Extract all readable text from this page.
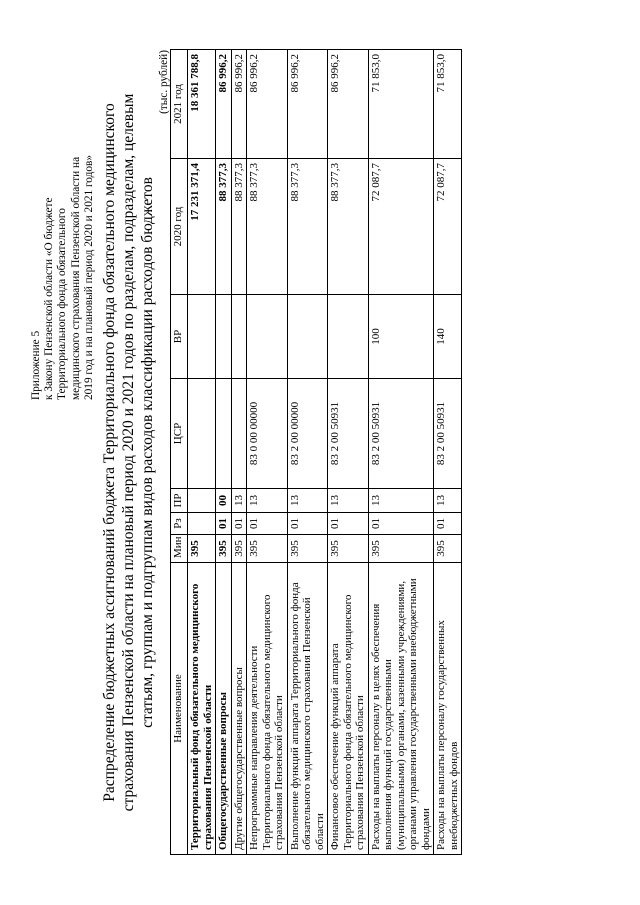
Приложение 5 к Закону Пензенской области «О бюджете Территориального фонда обязательного медицинского страхования Пензенской области на 2019 год и на плановый период 2020 и 2021 годов» Распределение бюджетных ассигнований бюджета Территориального фонда обязательного медицинского страхования Пензенской области на плановый период 2020 и 2021 годов по разделам, подразделам, целевым статьям, группам и подгруппам видов расходов классификации расходов бюджетов
(тыс. рублей)
Наименование	Мин	Рз	ПР	ЦСР	ВР	2020 год	2021 год
Территориальный фонд обязательного медицинского страхования Пензенской области	395					17 231 371,4	18 361 788,8
Общегосударственные вопросы	395	01	00			88 377,3	86 996,2
Другие общегосударственные вопросы	395	01	13			88 377,3	86 996,2
Непрограммные направления деятельности Территориального фонда обязательного медицинского страхования Пензенской области	395	01	13	83 0 00 00000		88 377,3	86 996,2
Выполнение функций аппарата Территориального фонда обязательного медицинского страхования Пензенской области	395	01	13	83 2 00 00000		88 377,3	86 996,2
Финансовое обеспечение функций аппарата Территориального фонда обязательного медицинского страхования Пензенской области	395	01	13	83 2 00 50931		88 377,3	86 996,2
Расходы на выплаты персоналу в целях обеспечения выполнения функций государственными (муниципальными) органами, казенными учреждениями, органами управления государственными внебюджетными фондами	395	01	13	83 2 00 50931	100	72 087,7	71 853,0
Расходы на выплаты персоналу государственных внебюджетных фондов	395	01	13	83 2 00 50931	140	72 087,7	71 853,0
